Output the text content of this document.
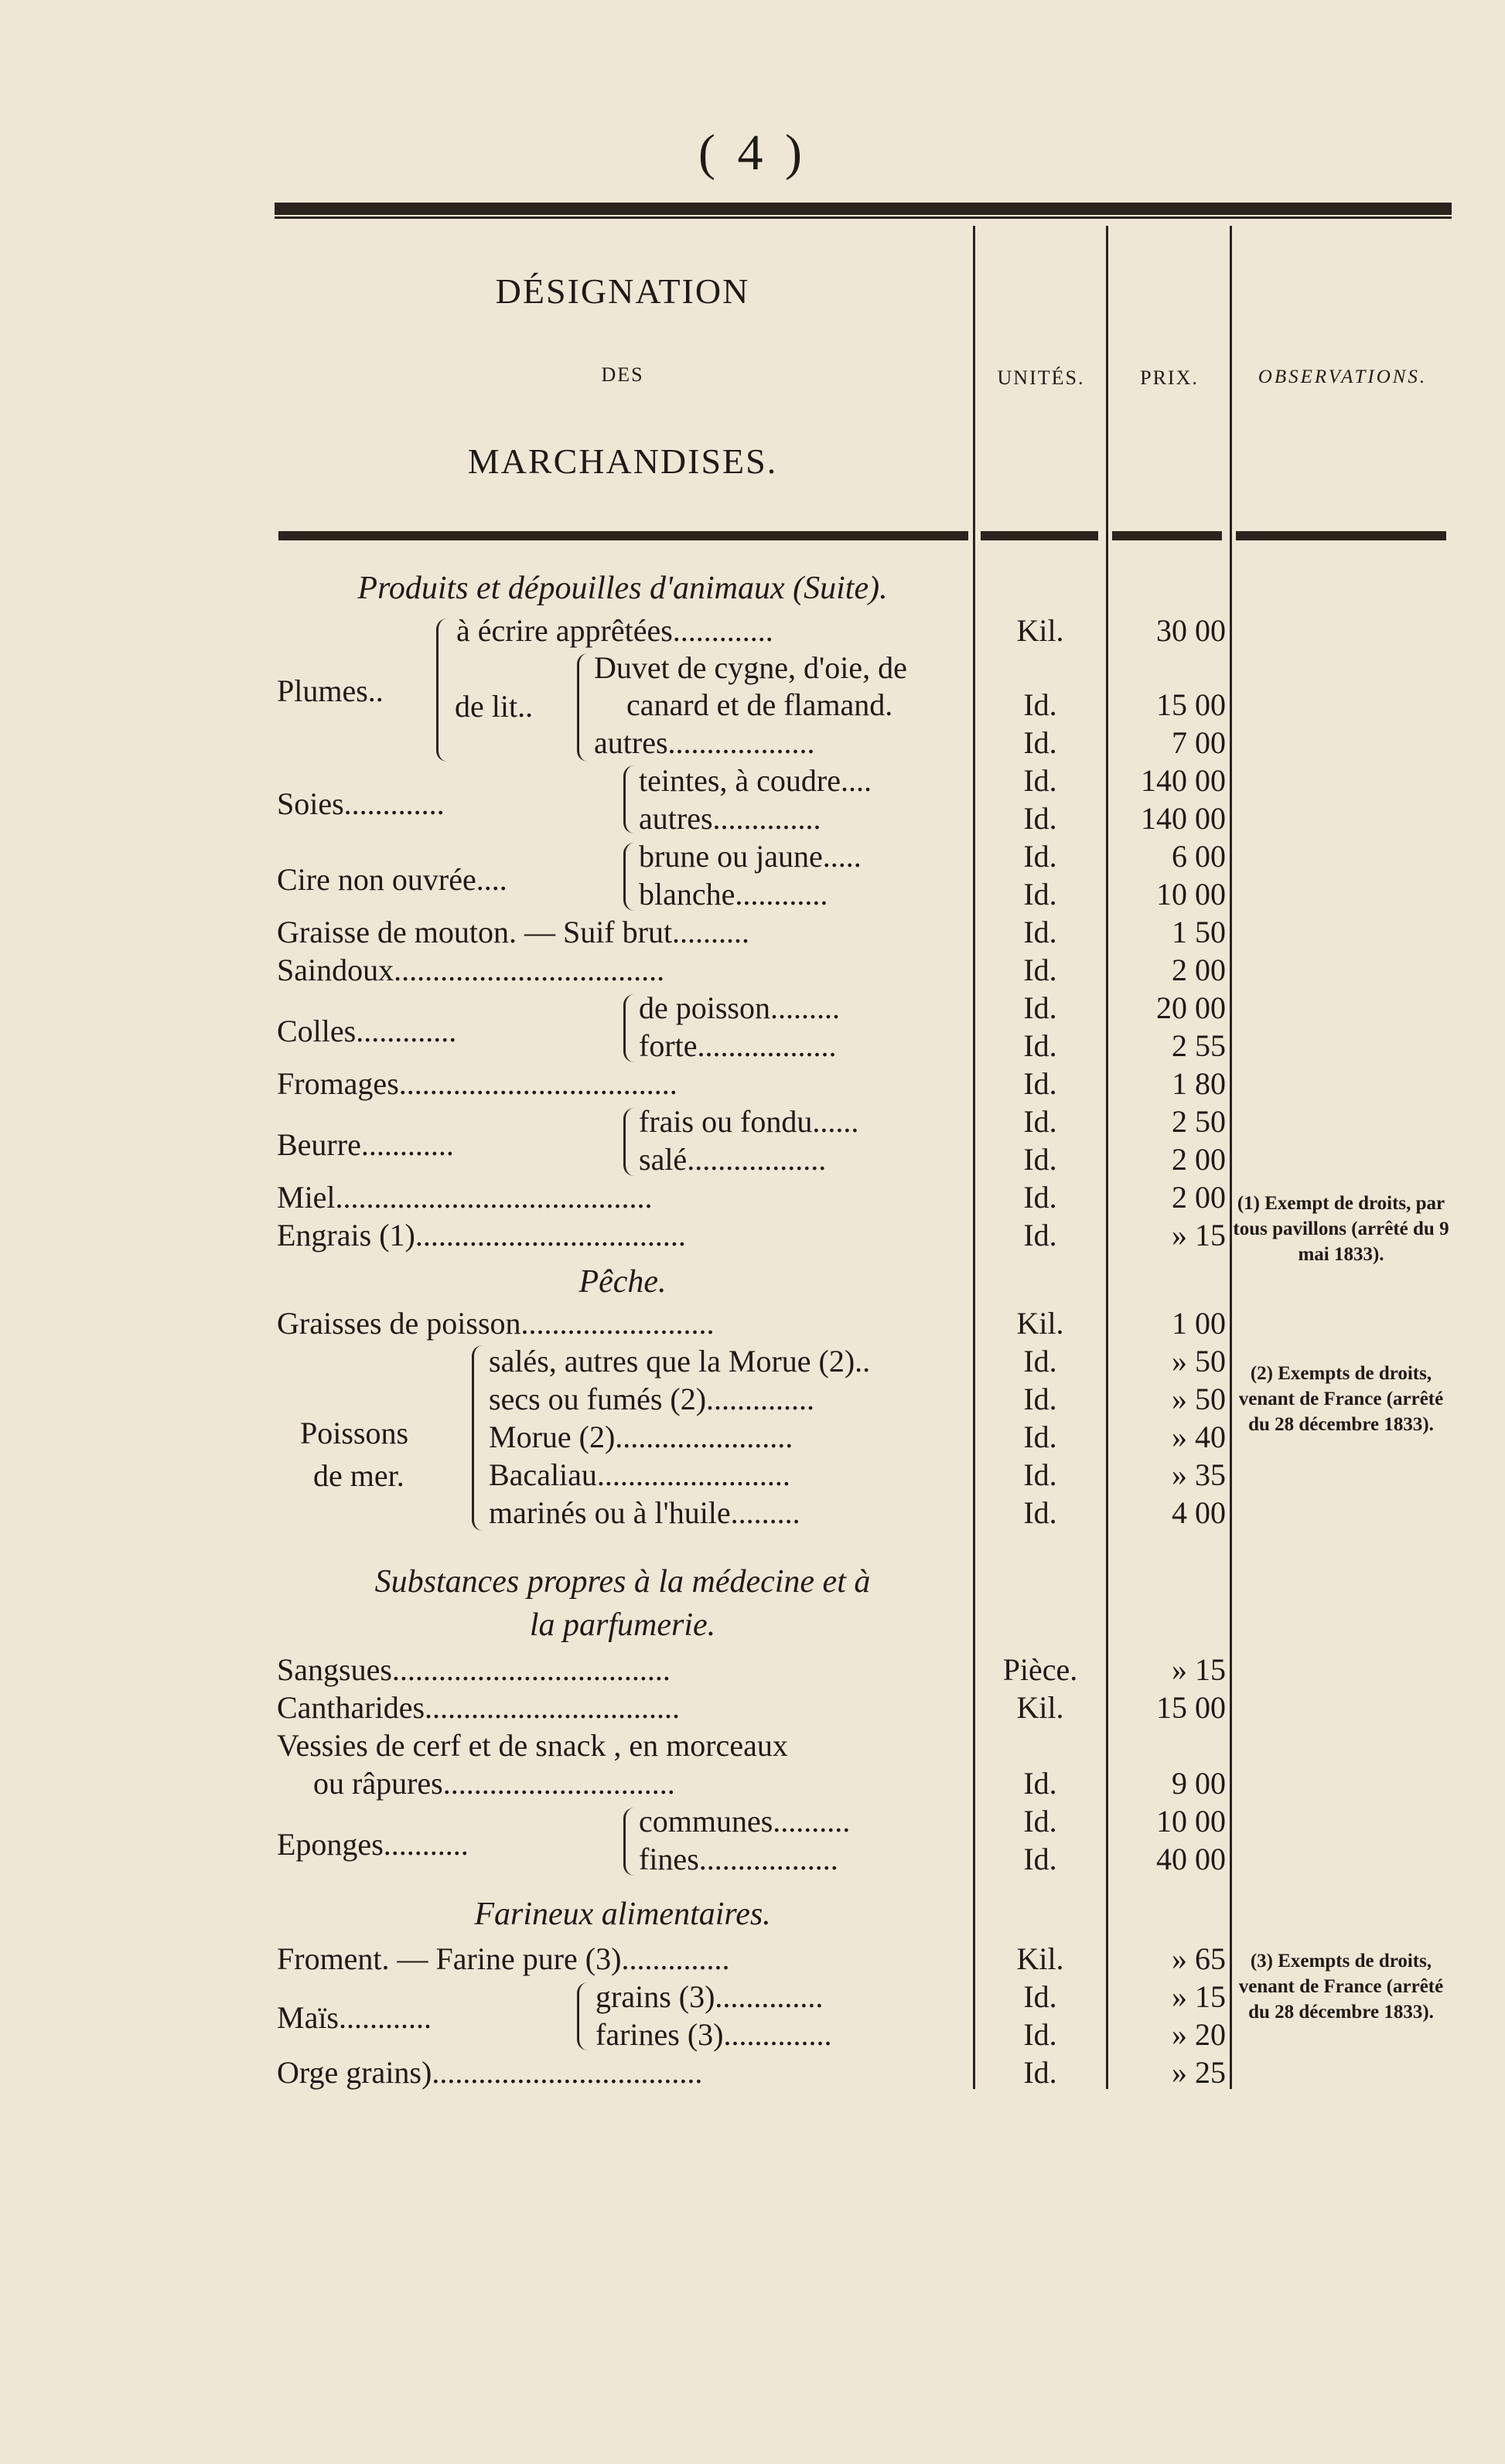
( 4 )
DÉSIGNATION
DES
MARCHANDISES.
UNITÉS.	PRIX.	OBSERVATIONS.
Produits et dépouilles d'animaux (Suite).
Plumes.. de lit..
à écrire apprêtées.............	Kil.	30 00
Duvet de cygne, d'oie, de
canard et de flamand.	Id.	15 00
autres...................	Id.	7 00
Soies.............
teintes, à coudre....	Id.	140 00
autres..............	Id.	140 00
Cire non ouvrée....
brune ou jaune.....	Id.	6 00
blanche............	Id.	10 00
Graisse de mouton. — Suif brut..........	Id.	1 50
Saindoux...................................	Id.	2 00
Colles.............
de poisson.........	Id.	20 00
forte..................	Id.	2 55
Fromages....................................	Id.	1 80
Beurre............
frais ou fondu......	Id.	2 50
salé..................	Id.	2 00
Miel.........................................	Id.	2 00
Engrais (1)...................................	Id.	» 15
(1) Exempt de droits, par tous pavillons (arrêté du 9 mai 1833).
Pêche.
Graisses de poisson.........................	Kil.	1 00
Poissons
de mer.
salés, autres que la Morue (2)..	Id.	» 50
secs ou fumés (2)..............	Id.	» 50
Morue (2).......................	Id.	» 40
Bacaliau.........................	Id.	» 35
marinés ou à l'huile.........	Id.	4 00
(2) Exempts de droits, venant de France (arrêté du 28 décembre 1833).
Substances propres à la médecine et à
la parfumerie.
Sangsues....................................	Pièce.	» 15
Cantharides.................................	Kil.	15 00
Vessies de cerf et de snack , en morceaux
ou râpures..............................	Id.	9 00
Eponges...........
communes..........	Id.	10 00
fines..................	Id.	40 00
Farineux alimentaires.
Froment. — Farine pure (3)..............	Kil.	» 65
Maïs............
grains (3)..............	Id.	» 15
farines (3)..............	Id.	» 20
Orge grains)...................................	Id.	» 25
(3) Exempts de droits, venant de France (arrêté du 28 décembre 1833).
